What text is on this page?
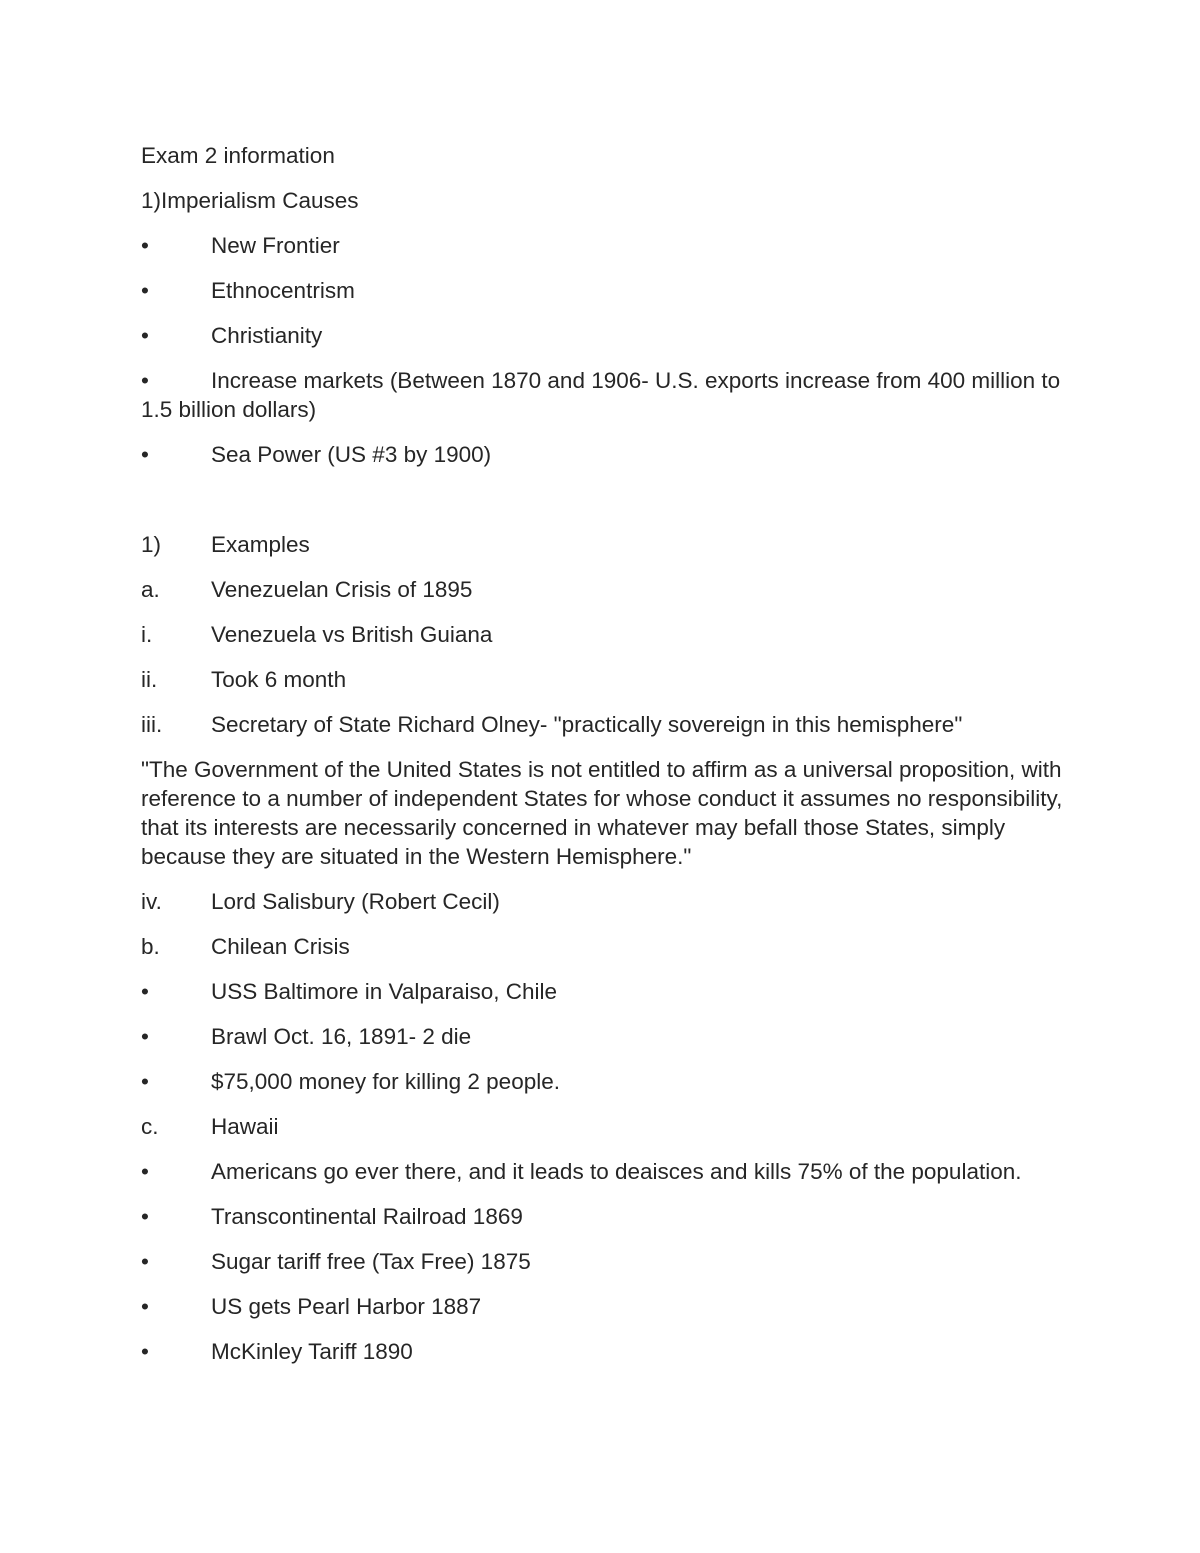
Exam 2 information
1)Imperialism Causes
•	New Frontier
•	Ethnocentrism
•	Christianity
•	Increase markets (Between 1870 and 1906- U.S. exports increase from 400 million to 1.5 billion dollars)
•	Sea Power (US #3 by 1900)
1)	Examples
a.	Venezuelan Crisis of 1895
i.	Venezuela vs British Guiana
ii.	Took 6 month
iii.	Secretary of State Richard Olney- "practically sovereign in this hemisphere"
"The Government of the United States is not entitled to affirm as a universal proposition, with reference to a number of independent States for whose conduct it assumes no responsibility, that its interests are necessarily concerned in whatever may befall those States, simply because they are situated in the Western Hemisphere."
iv.	Lord Salisbury (Robert Cecil)
b.	Chilean Crisis
•	USS Baltimore in Valparaiso, Chile
•	Brawl Oct. 16, 1891- 2 die
•	$75,000 money for killing 2 people.
c.	Hawaii
•	Americans go ever there, and it leads to deaisces and kills 75% of the population.
•	Transcontinental Railroad 1869
•	Sugar tariff free (Tax Free) 1875
•	US gets Pearl Harbor 1887
•	McKinley Tariff 1890
